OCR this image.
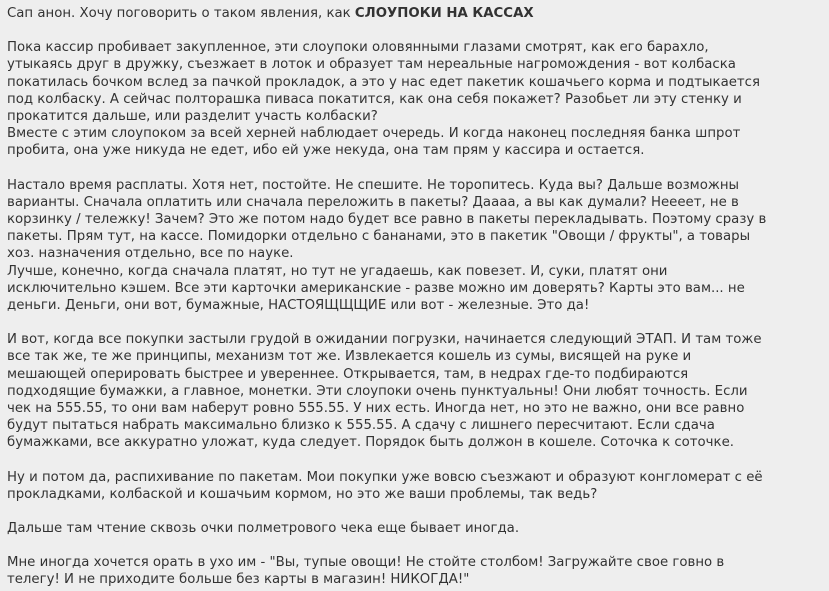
Сап анон. Хочу поговорить о таком явления, как СЛОУПОКИ НА КАССАХ
Пока кассир пробивает закупленное, эти слоупоки оловянными глазами смотрят, как его барахло,
утыкаясь друг в дружку, съезжает в лоток и образует там нереальные нагромождения - вот колбаска
покатилась бочком вслед за пачкой прокладок, а это у нас едет пакетик кошачьего корма и подтыкается
под колбаску. А сейчас полторашка пиваса покатится, как она себя покажет? Разобьет ли эту стенку и
прокатится дальше, или разделит участь колбаски?
Вместе с этим слоупоком за всей херней наблюдает очередь. И когда наконец последняя банка шпрот
пробита, она уже никуда не едет, ибо ей уже некуда, она там прям у кассира и остается.
Настало время расплаты. Хотя нет, постойте. Не спешите. Не торопитесь. Куда вы? Дальше возможны
варианты. Сначала оплатить или сначала переложить в пакеты? Даааа, а вы как думали? Нееeет, не в
корзинку / тележку! Зачем? Это же потом надо будет все равно в пакеты перекладывать. Поэтому сразу в
пакеты. Прям тут, на кассе. Помидорки отдельно с бананами, это в пакетик "Овощи / фрукты", а товары
хоз. назначения отдельно, все по науке.
Лучше, конечно, когда сначала платят, но тут не угадаешь, как повезет. И, суки, платят они
исключительно кэшем. Все эти карточки американские - разве можно им доверять? Карты это вам... не
деньги. Деньги, они вот, бумажные, НАСТОЯЩЩЩИЕ или вот - железные. Это да!
И вот, когда все покупки застыли грудой в ожидании погрузки, начинается следующий ЭТАП. И там тоже
все так же, те же принципы, механизм тот же. Извлекается кошель из сумы, висящей на руке и
мешающей оперировать быстрее и увереннее. Открывается, там, в недрах где-то подбираются
подходящие бумажки, а главное, монетки. Эти слоупоки очень пунктуальны! Они любят точность. Если
чек на 555.55, то они вам наберут ровно 555.55. У них есть. Иногда нет, но это не важно, они все равно
будут пытаться набрать максимально близко к 555.55. А сдачу с лишнего пересчитают. Если сдача
бумажками, все аккуратно уложат, куда следует. Порядок быть должон в кошеле. Соточка к соточке.
Ну и потом да, распихивание по пакетам. Мои покупки уже вовсю съезжают и образуют конгломерат с её
прокладками, колбаской и кошачьим кормом, но это же ваши проблемы, так ведь?
Дальше там чтение сквозь очки полметрового чека еще бывает иногда.
Мне иногда хочется орать в ухо им - "Вы, тупые овощи! Не стойте столбом! Загружайте свое говно в
телегу! И не приходите больше без карты в магазин! НИКОГДА!"
